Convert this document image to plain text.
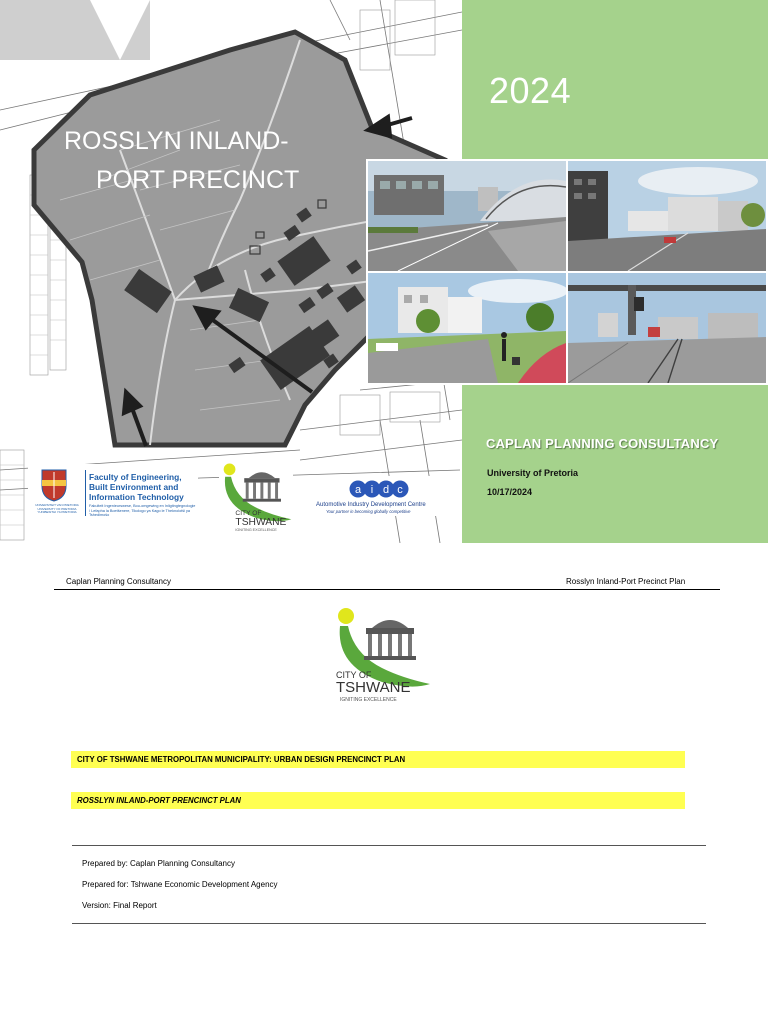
2024
ROSSLYN INLAND-
PORT PRECINCT
CAPLAN PLANNING CONSULTANCY
University of Pretoria
10/17/2024
UNIVERSITEIT VAN PRETORIA UNIVERSITY OF PRETORIA YUNIBESITHI YA PRETORIA
Faculty of Engineering,
Built Environment and
Information Technology
Fakulteit Ingenieurswese, Bou-omgewing en Inligtingtegnologie / Lefapha la Boetšenere, Tikologo ya Kago le Theknolotši ya Tshedimošo	CITY OF
TSHWANE
IGNITING EXCELLENCE
a i d c
Automotive Industry Development Centre
Your partner in becoming globally competitive
Caplan Planning Consultancy	Rosslyn Inland-Port Precinct Plan
CITY OF
TSHWANE
IGNITING EXCELLENCE
CITY OF TSHWANE METROPOLITAN MUNICIPALITY: URBAN DESIGN PRENCINCT PLAN
ROSSLYN INLAND-PORT PRENCINCT PLAN
Prepared by: Caplan Planning Consultancy
Prepared for: Tshwane Economic Development Agency
Version: Final Report
